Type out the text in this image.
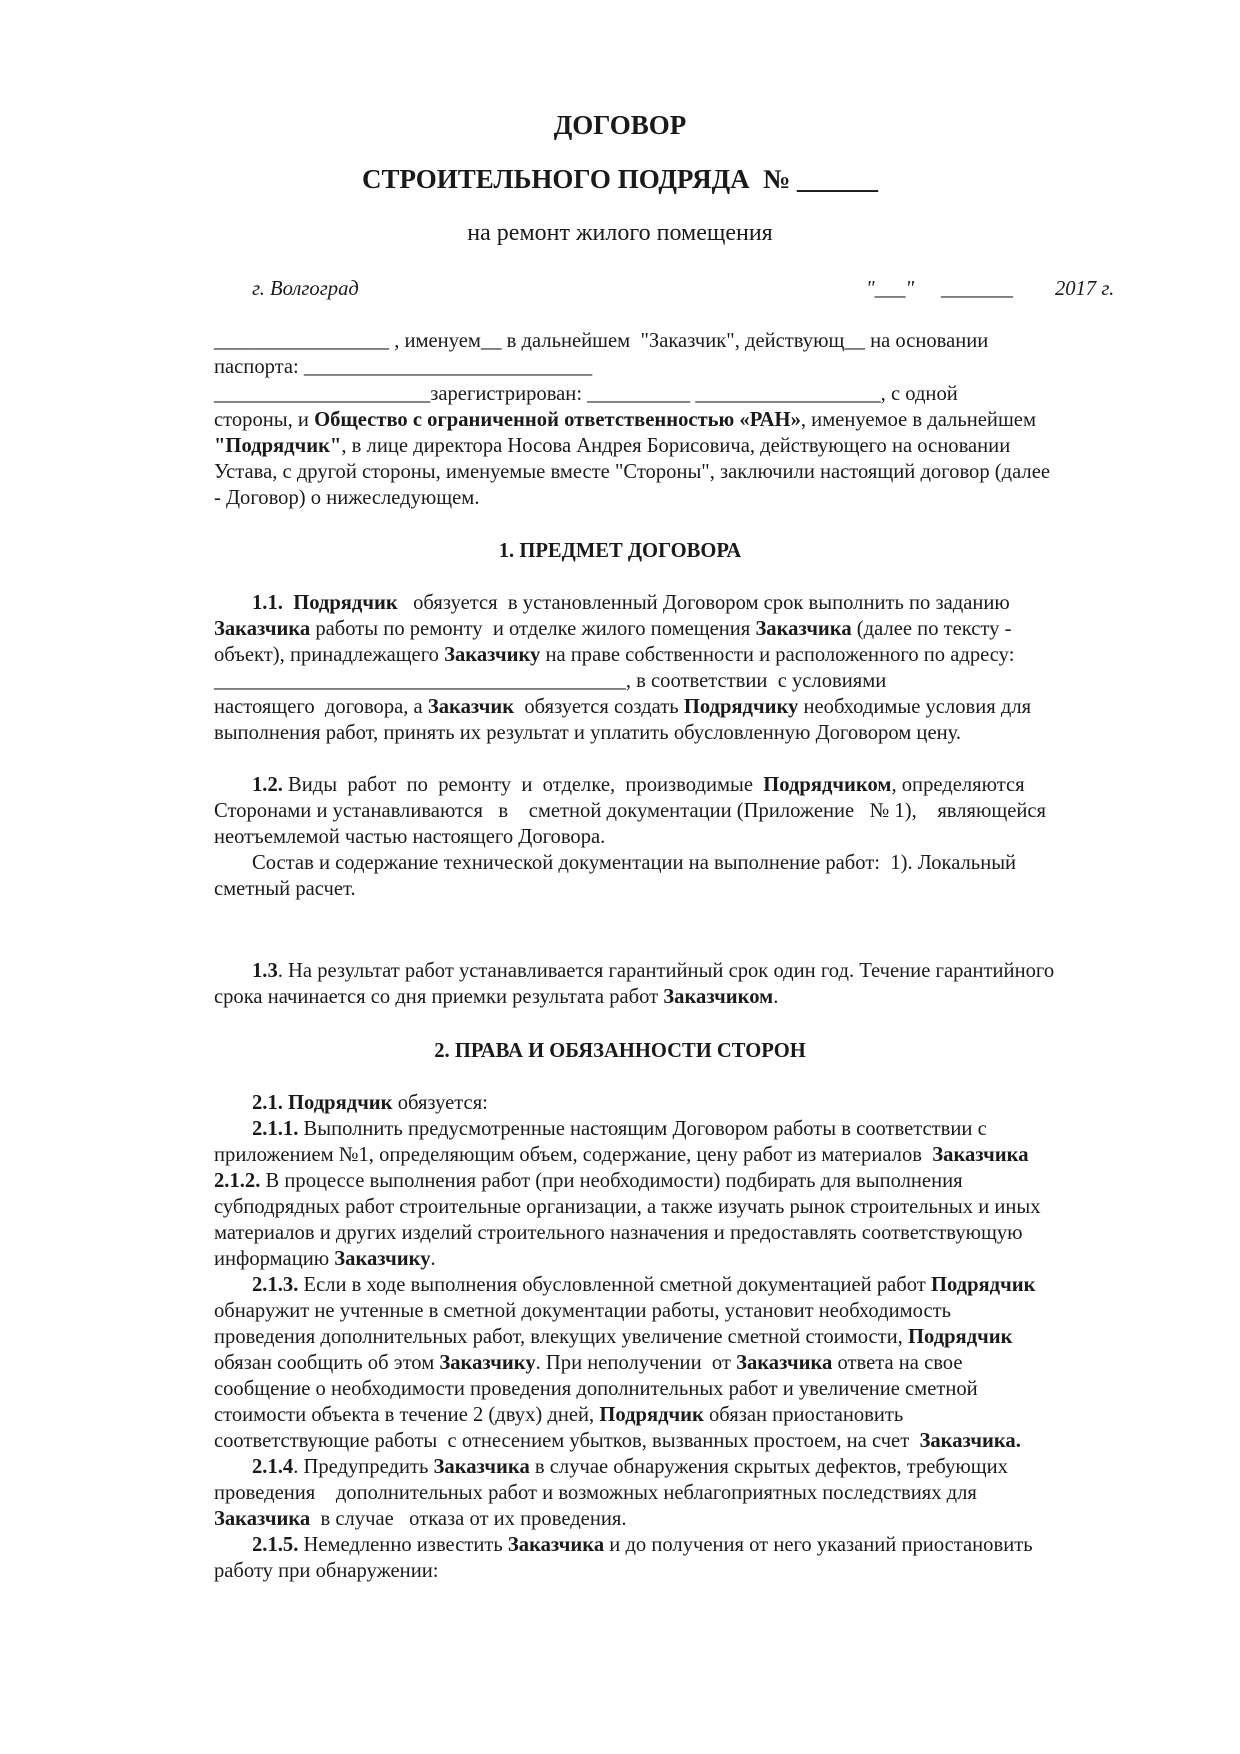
ДОГОВОР
СТРОИТЕЛЬНОГО ПОДРЯДА  № ______
на ремонт жилого помещения
г. Волгоград	"___" _______ 2017 г.
_________________ , именуем__ в дальнейшем  "Заказчик", действующ__ на основании
паспорта: ____________________________
_____________________зарегистрирован: __________ __________________, с одной
стороны, и Общество с ограниченной ответственностью «РАН», именуемое в дальнейшем
"Подрядчик", в лице директора Носова Андрея Борисовича, действующего на основании
Устава, с другой стороны, именуемые вместе "Стороны", заключили настоящий договор (далее
- Договор) о нижеследующем.
1. ПРЕДМЕТ ДОГОВОРА
1.1.  Подрядчик   обязуется  в установленный Договором срок выполнить по заданию
Заказчика работы по ремонту  и отделке жилого помещения Заказчика (далее по тексту -
объект), принадлежащего Заказчику на праве собственности и расположенного по адресу:
________________________________________, в соответствии  с условиями
настоящего  договора, а Заказчик  обязуется создать Подрядчику необходимые условия для
выполнения работ, принять их результат и уплатить обусловленную Договором цену.
1.2. Виды  работ  по  ремонту  и  отделке,  производимые  Подрядчиком, определяются
Сторонами и устанавливаются   в    сметной документации (Приложение   № 1),    являющейся
неотъемлемой частью настоящего Договора.
Состав и содержание технической документации на выполнение работ:  1). Локальный
сметный расчет.
1.3. На результат работ устанавливается гарантийный срок один год. Течение гарантийного
срока начинается со дня приемки результата работ Заказчиком.
2. ПРАВА И ОБЯЗАННОСТИ СТОРОН
2.1. Подрядчик обязуется:
2.1.1. Выполнить предусмотренные настоящим Договором работы в соответствии с
приложением №1, определяющим объем, содержание, цену работ из материалов  Заказчика
2.1.2. В процессе выполнения работ (при необходимости) подбирать для выполнения
субподрядных работ строительные организации, а также изучать рынок строительных и иных
материалов и других изделий строительного назначения и предоставлять соответствующую
информацию Заказчику.
2.1.3. Если в ходе выполнения обусловленной сметной документацией работ Подрядчик
обнаружит не учтенные в сметной документации работы, установит необходимость
проведения дополнительных работ, влекущих увеличение сметной стоимости, Подрядчик
обязан сообщить об этом Заказчику. При неполучении  от Заказчика ответа на свое
сообщение о необходимости проведения дополнительных работ и увеличение сметной
стоимости объекта в течение 2 (двух) дней, Подрядчик обязан приостановить
соответствующие работы  с отнесением убытков, вызванных простоем, на счет  Заказчика.
2.1.4. Предупредить Заказчика в случае обнаружения скрытых дефектов, требующих
проведения    дополнительных работ и возможных неблагоприятных последствиях для
Заказчика  в случае   отказа от их проведения.
2.1.5. Немедленно известить Заказчика и до получения от него указаний приостановить
работу при обнаружении:
